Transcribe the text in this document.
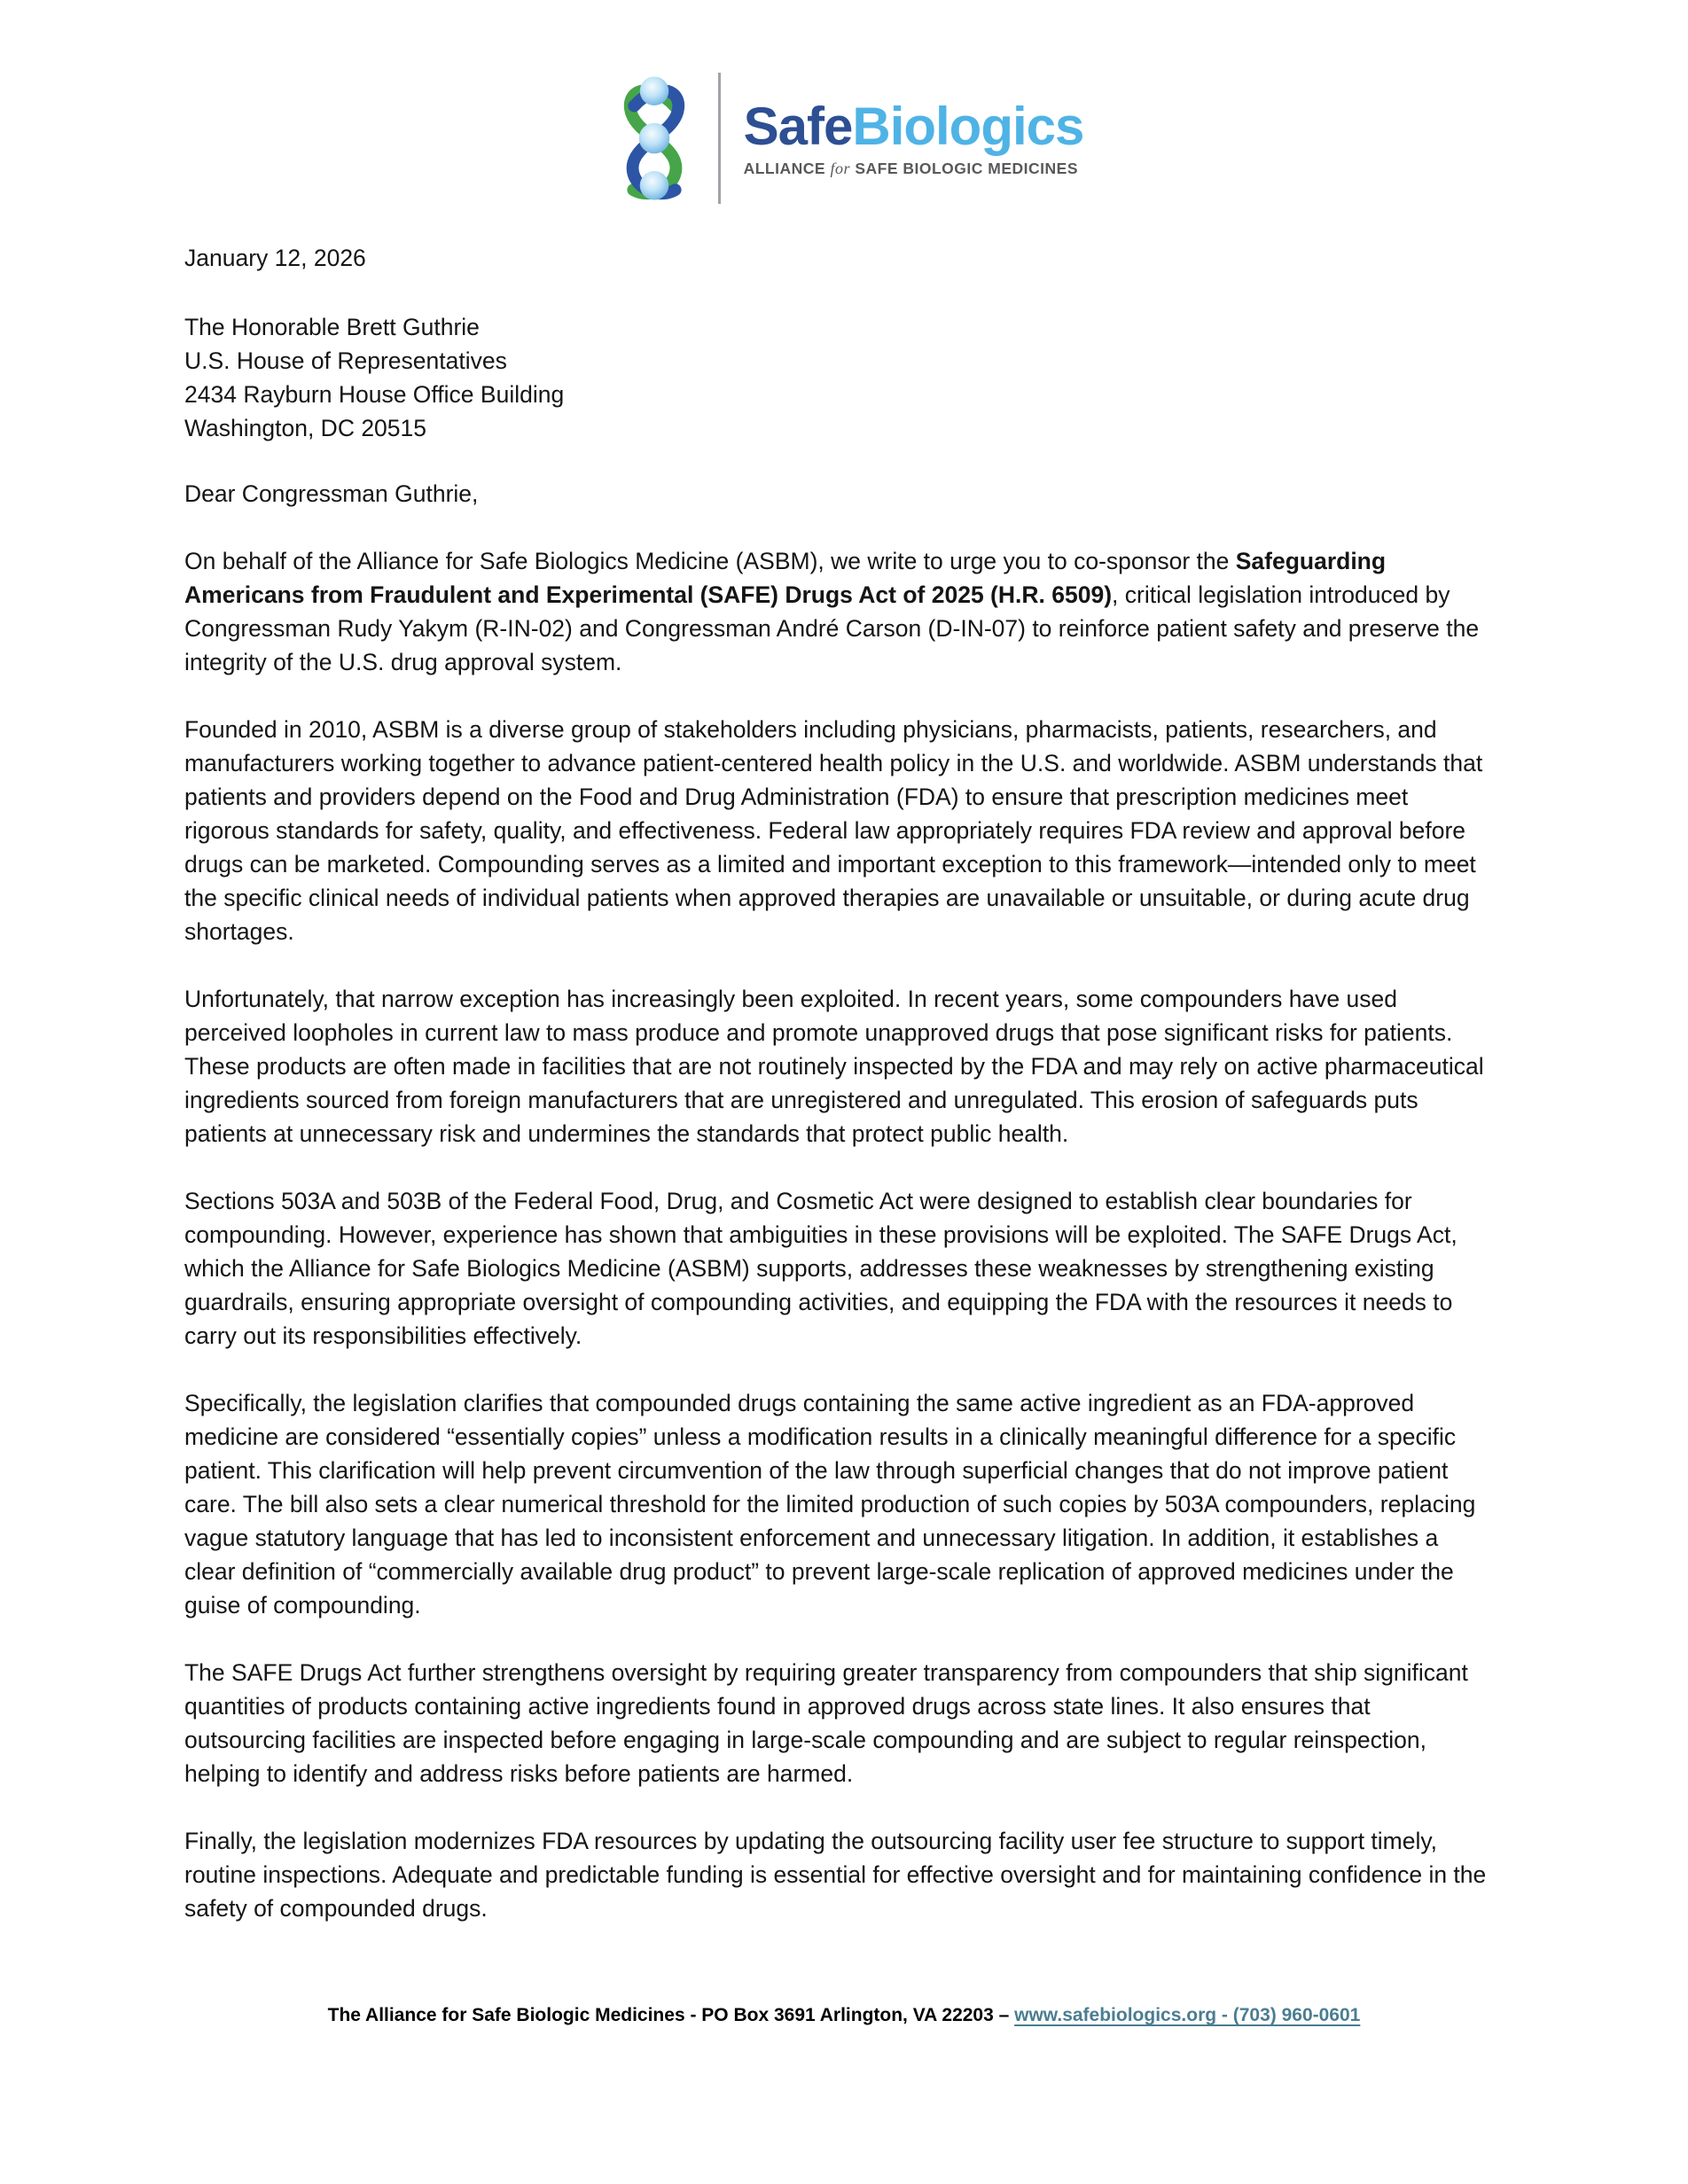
SafeBiologics
ALLIANCE for SAFE BIOLOGIC MEDICINES

January 12, 2026

The Honorable Brett Guthrie
U.S. House of Representatives
2434 Rayburn House Office Building
Washington, DC 20515

Dear Congressman Guthrie,

On behalf of the Alliance for Safe Biologics Medicine (ASBM), we write to urge you to co-sponsor the Safeguarding Americans from Fraudulent and Experimental (SAFE) Drugs Act of 2025 (H.R. 6509), critical legislation introduced by Congressman Rudy Yakym (R-IN-02) and Congressman André Carson (D-IN-07) to reinforce patient safety and preserve the integrity of the U.S. drug approval system.

Founded in 2010, ASBM is a diverse group of stakeholders including physicians, pharmacists, patients, researchers, and manufacturers working together to advance patient-centered health policy in the U.S. and worldwide. ASBM understands that patients and providers depend on the Food and Drug Administration (FDA) to ensure that prescription medicines meet rigorous standards for safety, quality, and effectiveness. Federal law appropriately requires FDA review and approval before drugs can be marketed. Compounding serves as a limited and important exception to this framework—intended only to meet the specific clinical needs of individual patients when approved therapies are unavailable or unsuitable, or during acute drug shortages.

Unfortunately, that narrow exception has increasingly been exploited. In recent years, some compounders have used perceived loopholes in current law to mass produce and promote unapproved drugs that pose significant risks for patients. These products are often made in facilities that are not routinely inspected by the FDA and may rely on active pharmaceutical ingredients sourced from foreign manufacturers that are unregistered and unregulated. This erosion of safeguards puts patients at unnecessary risk and undermines the standards that protect public health.

Sections 503A and 503B of the Federal Food, Drug, and Cosmetic Act were designed to establish clear boundaries for compounding. However, experience has shown that ambiguities in these provisions will be exploited. The SAFE Drugs Act, which the Alliance for Safe Biologics Medicine (ASBM) supports, addresses these weaknesses by strengthening existing guardrails, ensuring appropriate oversight of compounding activities, and equipping the FDA with the resources it needs to carry out its responsibilities effectively.

Specifically, the legislation clarifies that compounded drugs containing the same active ingredient as an FDA-approved medicine are considered “essentially copies” unless a modification results in a clinically meaningful difference for a specific patient. This clarification will help prevent circumvention of the law through superficial changes that do not improve patient care. The bill also sets a clear numerical threshold for the limited production of such copies by 503A compounders, replacing vague statutory language that has led to inconsistent enforcement and unnecessary litigation. In addition, it establishes a clear definition of “commercially available drug product” to prevent large-scale replication of approved medicines under the guise of compounding.

The SAFE Drugs Act further strengthens oversight by requiring greater transparency from compounders that ship significant quantities of products containing active ingredients found in approved drugs across state lines. It also ensures that outsourcing facilities are inspected before engaging in large-scale compounding and are subject to regular reinspection, helping to identify and address risks before patients are harmed.

Finally, the legislation modernizes FDA resources by updating the outsourcing facility user fee structure to support timely, routine inspections. Adequate and predictable funding is essential for effective oversight and for maintaining confidence in the safety of compounded drugs.

The Alliance for Safe Biologic Medicines - PO Box 3691 Arlington, VA 22203 – www.safebiologics.org - (703) 960-0601
